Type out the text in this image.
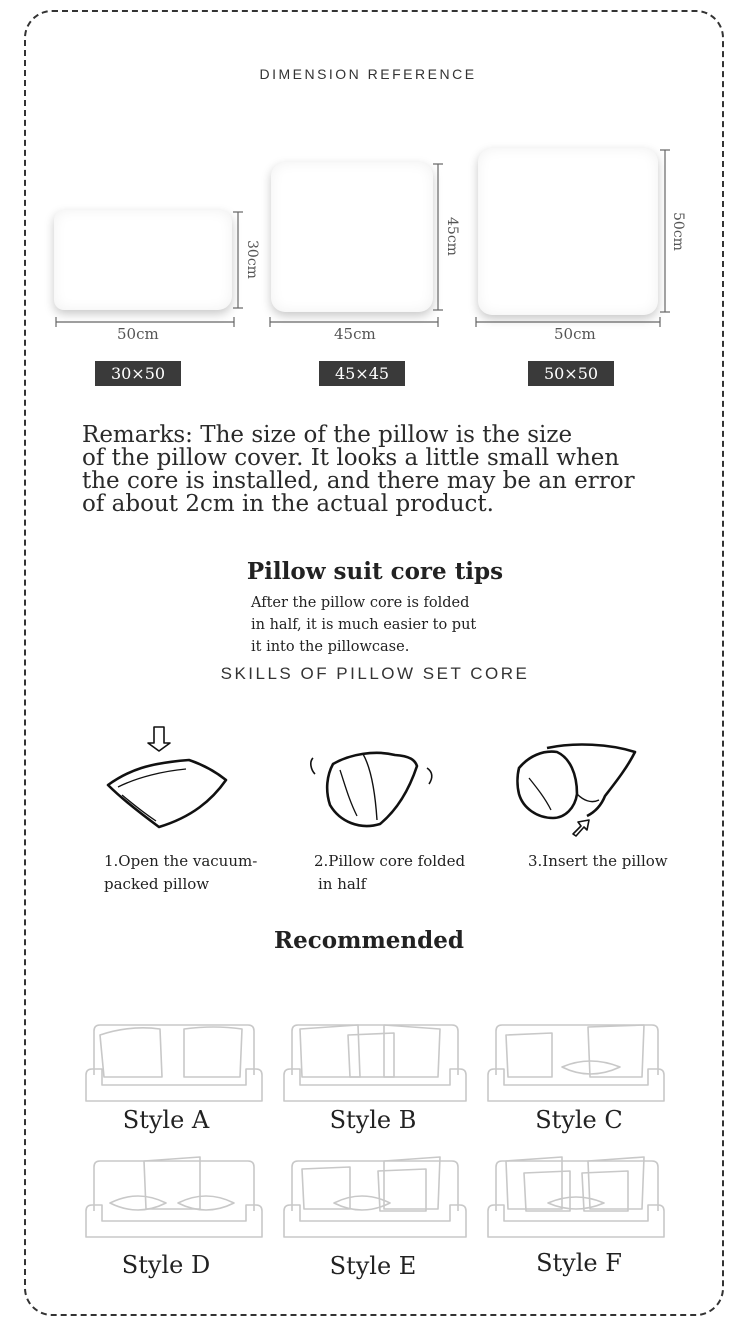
DIMENSION REFERENCE
50cm	45cm	50cm
30cm
45cm	50cm
30×50	45×45	50×50
Remarks: The size of the pillow is the size
of the pillow cover. It looks a little small when
the core is installed, and there may be an error
of about 2cm in the actual product.
Pillow suit core tips
After the pillow core is folded
in half, it is much easier to put
it into the pillowcase.
SKILLS OF PILLOW SET CORE
1.Open the vacuum-
packed pillow
2.Pillow core folded
in half
3.Insert the pillow
Recommended
Style A	Style B	Style C
Style D	Style E	Style F
